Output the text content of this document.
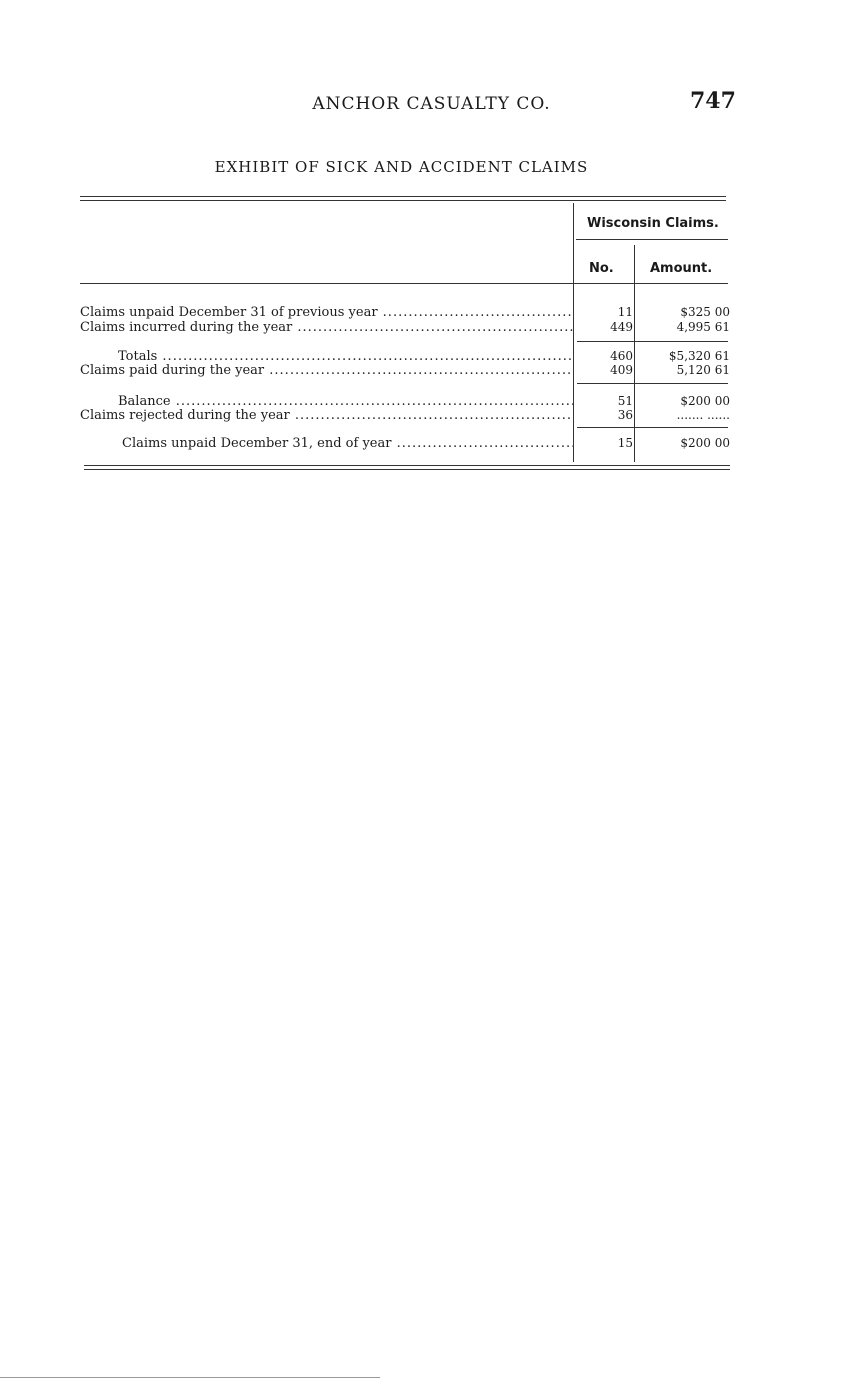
ANCHOR CASUALTY CO.	747
EXHIBIT OF SICK AND ACCIDENT CLAIMS
Wisconsin Claims.
No.	Amount.
Claims unpaid December 31 of previous year .....	11	$325 00
Claims incurred during the year .....	449	4,995 61
Totals .....	460	$5,320 61
Claims paid during the year .....	409	5,120 61
Balance .....	51	$200 00
Claims rejected during the year .....	36	....... ......
Claims unpaid December 31, end of year .....	15	$200 00
